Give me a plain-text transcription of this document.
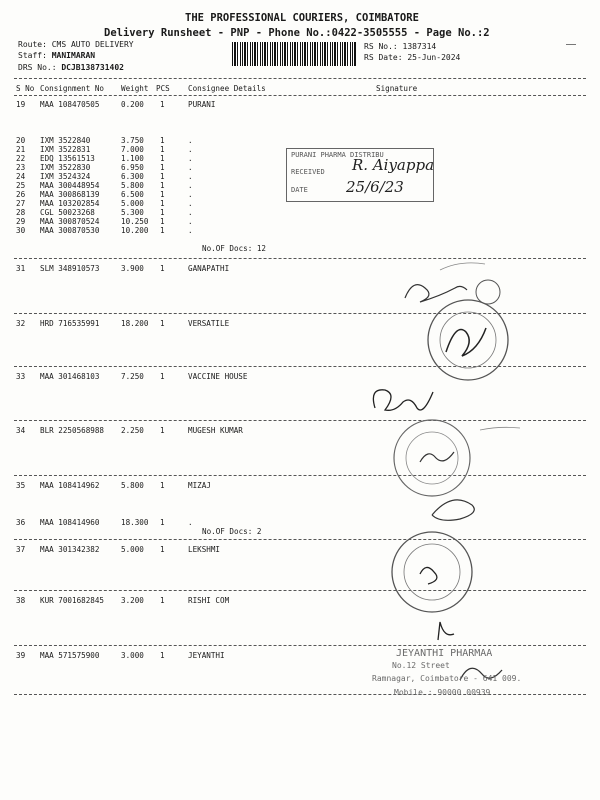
THE PROFESSIONAL COURIERS, COIMBATORE
Delivery Runsheet - PNP - Phone No.:0422-3505555 - Page No.:2
Route: CMS AUTO DELIVERY
Staff: MANIMARAN
DRS No.: DCJB138731402
RS No.: 1387314
RS Date: 25-Jun-2024
S No Consignment No Weight PCS Consignee Details	Signature
19 MAA 108470505	0.200 1	PURANI
20 IXM 3522840	3.750 1	.
21 IXM 3522831	7.000 1	.
22 EDQ 13561513	1.100 1	.
23 IXM 3522830	6.950 1	.
24 IXM 3524324	6.300 1	.
25 MAA 300448954	5.800 1	.
26 MAA 300868139	6.500 1	.
27 MAA 103202854	5.000 1	.
28 CGL 50023268	5.300 1	.
29 MAA 300870524	10.250 1	.
30 MAA 300870530	10.200 1	.
31 SLM 348910573	3.900 1	GANAPATHI
32 HRD 716535991	18.200 1	VERSATILE
33 MAA 301468103	7.250 1	VACCINE HOUSE
34 BLR 2250568988 2.250 1	MUGESH KUMAR
35 MAA 108414962	5.800 1	MIZAJ
36 MAA 108414960	18.300 1	.
37 MAA 301342382	5.000 1	LEKSHMI
38 KUR 7001682845 3.200 1	RISHI COM
39 MAA 571575900	3.000 1	JEYANTHI
No.OF Docs: 12
No.OF Docs: 2
PURANI PHARMA DISTRIBU
RECEIVED
DATE
R. Aiyappa
25/6/23
JEYANTHI PHARMAA
No.12 Street
Ramnagar, Coimbatore - 641 009.
Mobile : 90000 00939
